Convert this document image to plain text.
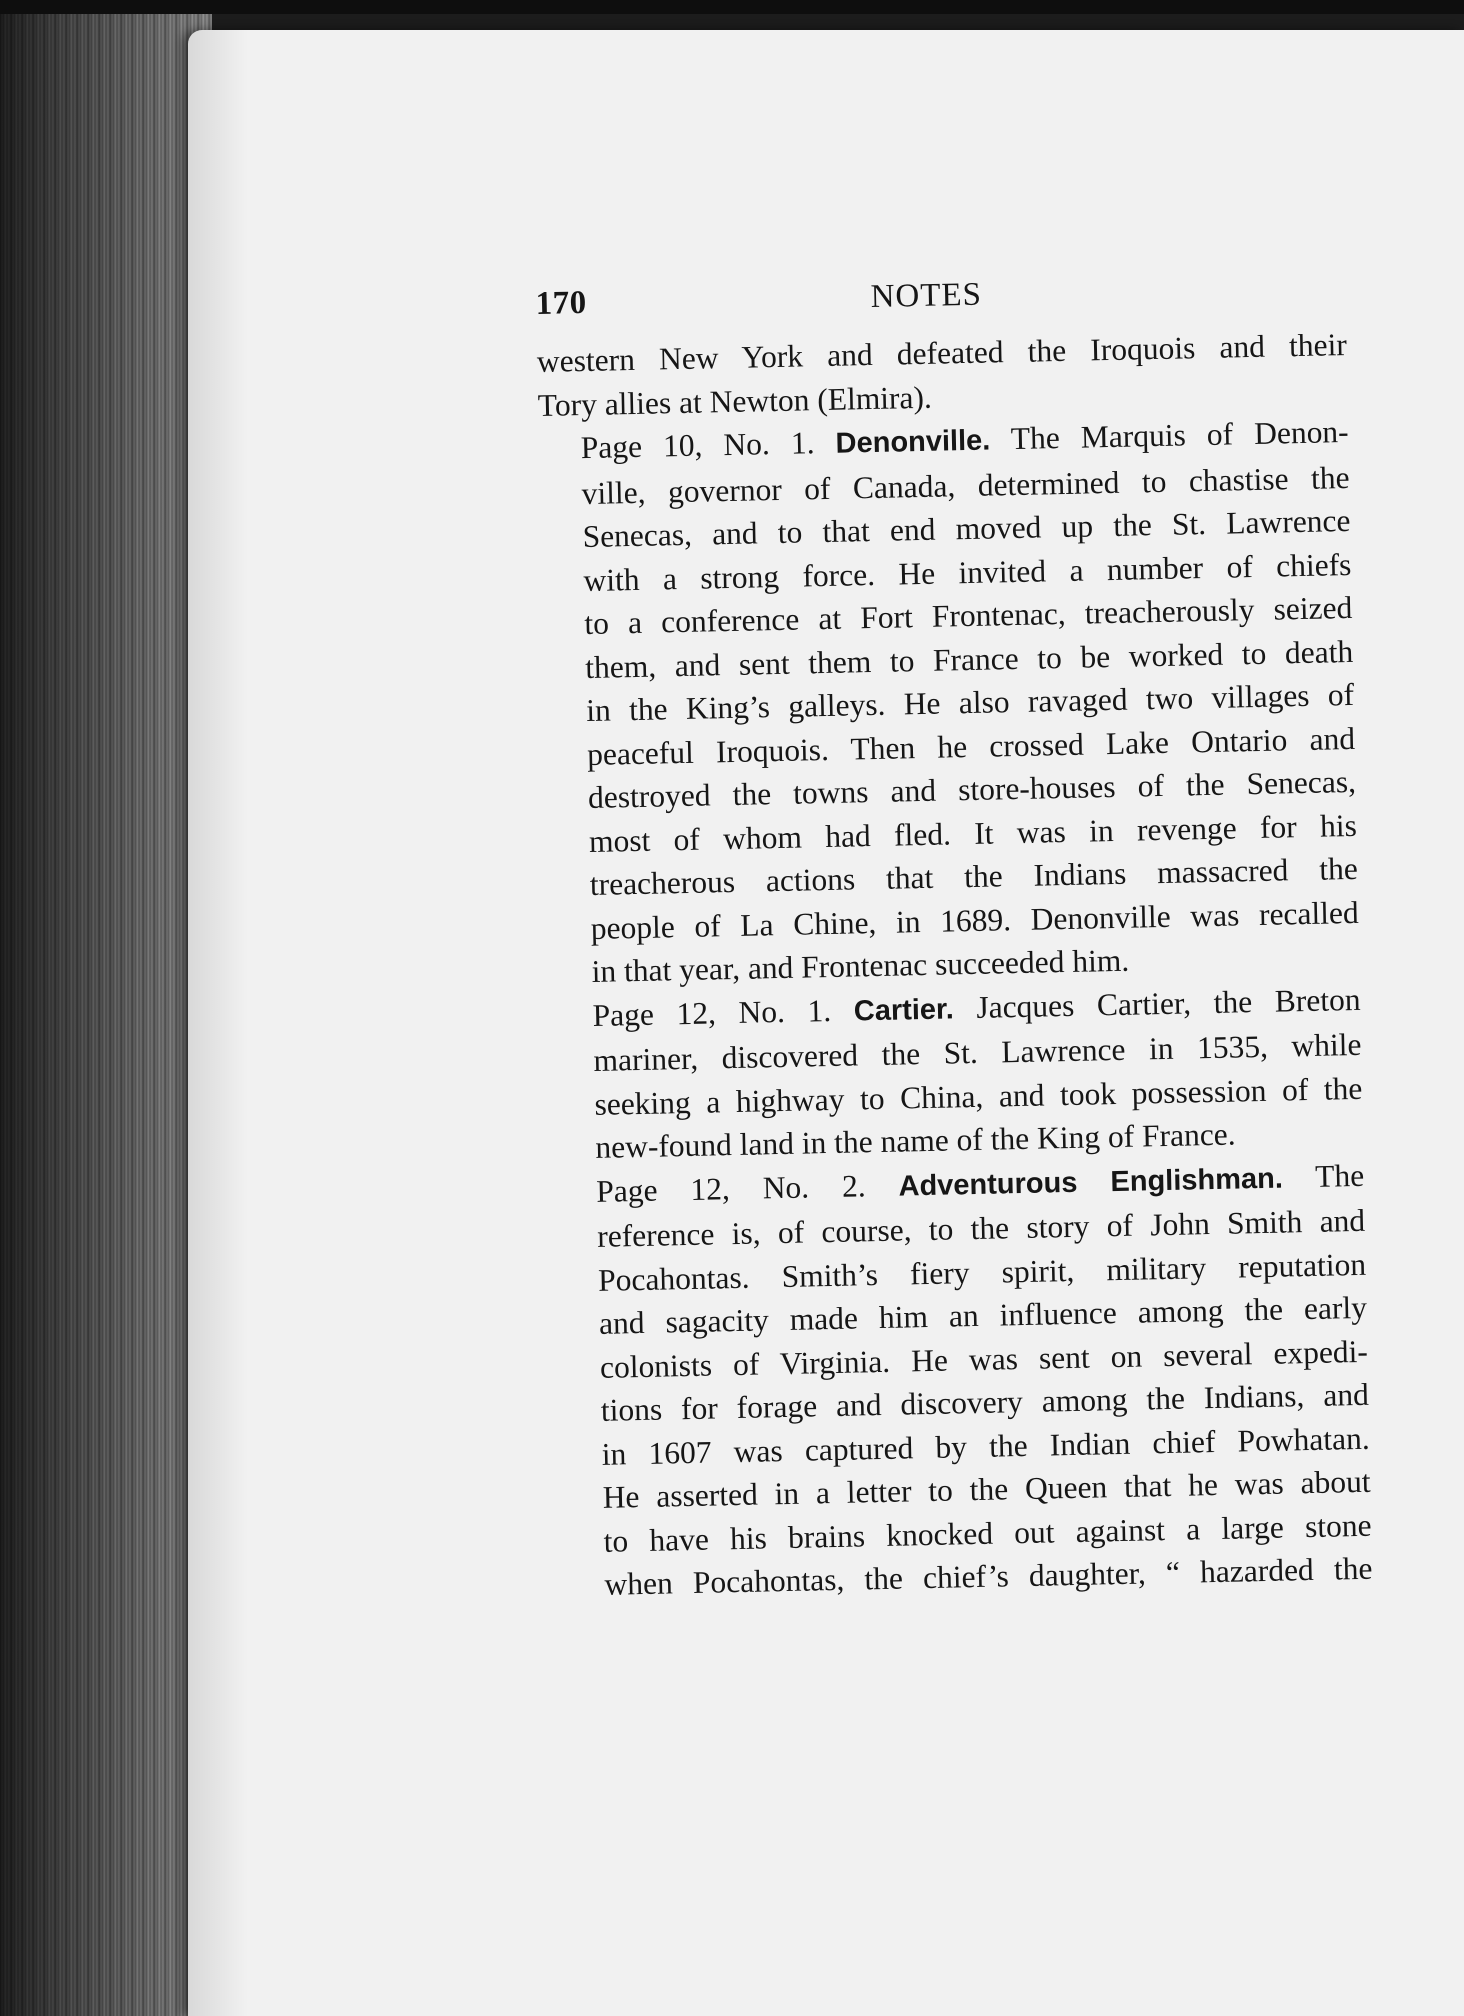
170	NOTES

western New York and defeated the Iroquois and their
Tory allies at Newton (Elmira).

Page 10, No. 1. Denonville. The Marquis of Denon-
ville, governor of Canada, determined to chastise the
Senecas, and to that end moved up the St. Lawrence
with a strong force. He invited a number of chiefs
to a conference at Fort Frontenac, treacherously seized
them, and sent them to France to be worked to death
in the King’s galleys. He also ravaged two villages of
peaceful Iroquois. Then he crossed Lake Ontario and
destroyed the towns and store-houses of the Senecas,
most of whom had fled. It was in revenge for his
treacherous actions that the Indians massacred the
people of La Chine, in 1689. Denonville was recalled
in that year, and Frontenac succeeded him.

Page 12, No. 1. Cartier. Jacques Cartier, the Breton
mariner, discovered the St. Lawrence in 1535, while
seeking a highway to China, and took possession of the
new-found land in the name of the King of France.

Page 12, No. 2. Adventurous Englishman. The
reference is, of course, to the story of John Smith and
Pocahontas. Smith’s fiery spirit, military reputation
and sagacity made him an influence among the early
colonists of Virginia. He was sent on several expedi-
tions for forage and discovery among the Indians, and
in 1607 was captured by the Indian chief Powhatan.
He asserted in a letter to the Queen that he was about
to have his brains knocked out against a large stone
when Pocahontas, the chief’s daughter, “ hazarded the
